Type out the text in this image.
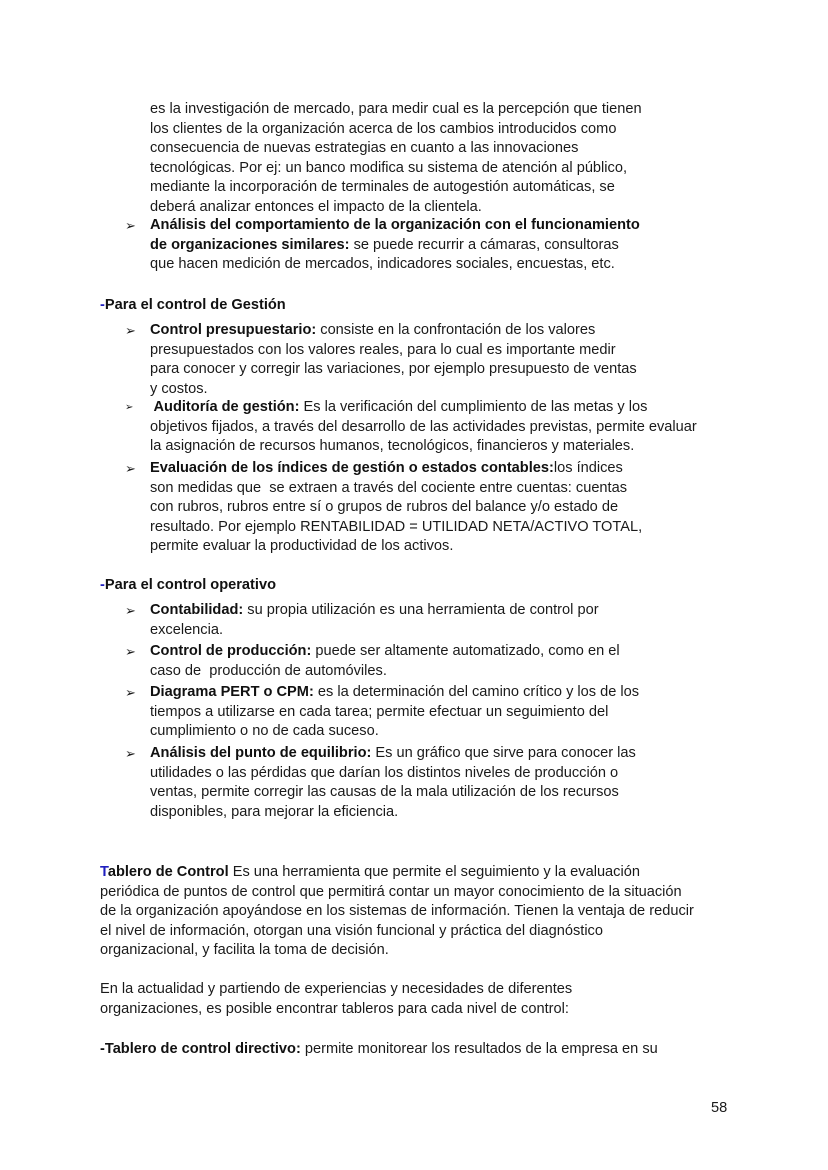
es la investigación de mercado, para medir cual es la percepción que tienen
los clientes de la organización acerca de los cambios introducidos como
consecuencia de nuevas estrategias en cuanto a las innovaciones
tecnológicas. Por ej: un banco modifica su sistema de atención al público,
mediante la incorporación de terminales de autogestión automáticas, se
deberá analizar entonces el impacto de la clientela.
➢ Análisis del comportamiento de la organización con el funcionamiento
de organizaciones similares: se puede recurrir a cámaras, consultoras
que hacen medición de mercados, indicadores sociales, encuestas, etc.
-Para el control de Gestión
➢ Control presupuestario: consiste en la confrontación de los valores
presupuestados con los valores reales, para lo cual es importante medir
para conocer y corregir las variaciones, por ejemplo presupuesto de ventas
y costos.
➢ Auditoría de gestión: Es la verificación del cumplimiento de las metas y los
objetivos fijados, a través del desarrollo de las actividades previstas, permite evaluar
la asignación de recursos humanos, tecnológicos, financieros y materiales.
➢ Evaluación de los índices de gestión o estados contables:los índices
son medidas que  se extraen a través del cociente entre cuentas: cuentas
con rubros, rubros entre sí o grupos de rubros del balance y/o estado de
resultado. Por ejemplo RENTABILIDAD = UTILIDAD NETA/ACTIVO TOTAL,
permite evaluar la productividad de los activos.
-Para el control operativo
➢ Contabilidad: su propia utilización es una herramienta de control por
excelencia.
➢ Control de producción: puede ser altamente automatizado, como en el
caso de  producción de automóviles.
➢ Diagrama PERT o CPM: es la determinación del camino crítico y los de los
tiempos a utilizarse en cada tarea; permite efectuar un seguimiento del
cumplimiento o no de cada suceso.
➢ Análisis del punto de equilibrio: Es un gráfico que sirve para conocer las
utilidades o las pérdidas que darían los distintos niveles de producción o
ventas, permite corregir las causas de la mala utilización de los recursos
disponibles, para mejorar la eficiencia.
Tablero de Control Es una herramienta que permite el seguimiento y la evaluación
periódica de puntos de control que permitirá contar un mayor conocimiento de la situación
de la organización apoyándose en los sistemas de información. Tienen la ventaja de reducir
el nivel de información, otorgan una visión funcional y práctica del diagnóstico
organizacional, y facilita la toma de decisión.
En la actualidad y partiendo de experiencias y necesidades de diferentes
organizaciones, es posible encontrar tableros para cada nivel de control:
-Tablero de control directivo: permite monitorear los resultados de la empresa en su
58
